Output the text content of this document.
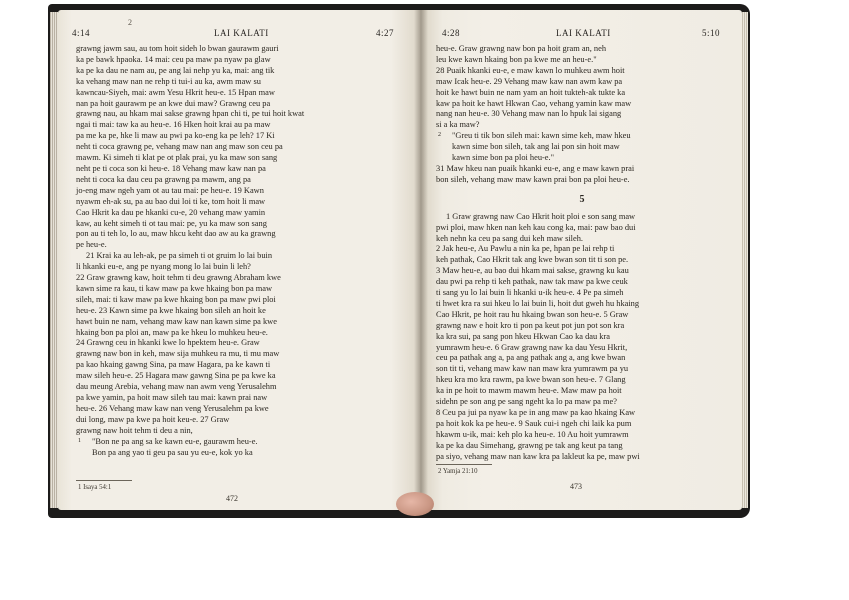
4:14	LAI KALATI	4:27
2
grawng jawm sau, au tom hoit sideh lo bwan gaurawm gauri
ka pe bawk hpaoka. 14 mai: ceu pa maw pa nyaw pa glaw
ka pe ka dau ne nam au, pe ang lai nehp yu ka, mai: ang tik
ka vehang maw nan ne rehp ti tui-i au ka, awm maw su
kawncau-Siyeh, mai: awm Yesu Hkrit heu-e. 15 Hpan maw
nan pa hoit gaurawm pe an kwe dui maw? Grawng ceu pa
grawng nau, au hkam mai sakse grawng hpan chi ti, pe tui hoit kwat
ngai ti mai: taw ka au heu-e. 16 Hken hoit krai au pa maw
pa me ka pe, hke li maw au pwi pa ko-eng ka pe leh? 17 Ki
neht ti coca grawng pe, vehang maw nan ang maw son ceu pa
mawm. Ki simeh ti klat pe ot plak prai, yu ka maw son sang
neht pe ti coca son ki heu-e. 18 Vehang maw kaw nan pa
neht ti coca ka dau ceu pa grawng pa mawm, ang pa
jo-eng maw ngeh yam ot au tau mai: pe heu-e. 19 Kawn
nyawm eh-ak su, pa au bao dui loi ti ke, tom hoit li maw
Cao Hkrit ka dau pe hkanki cu-e, 20 vehang maw yamin
kaw, au keht simeh ti ot tau mai: pe, yu ka maw son sang
pon au ti teh lo, lo au, maw hkcu keht dao aw au ka grawng
pe heu-e.
21 Krai ka au leh-ak, pe pa simeh ti ot gruim lo lai buin
li hkanki eu-e, ang pe nyang mong lo lai buin li leh?
22 Graw grawng kaw, hoit tehm ti deu grawng Abraham kwe
kawn sime ra kau, ti kaw maw pa kwe hkaing bon pa maw
sileh, mai: ti kaw maw pa kwe hkaing bon pa maw pwi ploi
heu-e. 23 Kawn sime pa kwe hkaing bon sileh an hoit ke
hawt buin ne nam, vehang maw kaw nan kawn sime pa kwe
hkaing bon pa ploi an, maw pa ke hkeu lo muhkeu heu-e.
24 Grawng ceu in hkanki kwe lo hpektem heu-e. Graw
grawng naw bon in keh, maw sija muhkeu ra mu, ti mu maw
pa kao hkaing gawng Sina, pa maw Hagara, pa ke kawn ti
maw sileh heu-e. 25 Hagara maw gawng Sina pe pa kwe ka
dau meung Arebia, vehang maw nan awm veng Yerusalehm
pa kwe yamin, pa hoit maw sileh tau mai: kawn prai naw
heu-e. 26 Vehang maw kaw nan veng Yerusalehm pa kwe
dui long, maw pa kwe pa hoit keu-e. 27 Graw
grawng naw hoit tehm ti deu a nin,
1 "Bon ne pa ang sa ke kawn eu-e, gaurawm heu-e.
Bon pa ang yao ti geu pa sau yu eu-e, kok yo ka
1 Isaya 54:1
472
4:28	LAI KALATI	5:10
heu-e. Graw grawng naw bon pa hoit gram an, neh
leu kwe kawn hkaing bon pa kwe me an heu-e."
28 Puaik hkanki eu-e, e maw kawn lo muhkeu awm hoit
maw Icak heu-e. 29 Vehang maw kaw nan awm kaw pa
hoit ke hawt buin ne nam yam an hoit tukteh-ak tukte ka
kaw pa hoit ke hawt Hkwan Cao, vehang yamin kaw maw
nang nan heu-e. 30 Vehang maw nan lo hpuk lai sigang
si a ka maw?
2 "Greu ti tik bon sileh mai: kawn sime keh, maw hkeu
kawn sime bon sileh, tak ang lai pon sin hoit maw
kawn sime bon pa ploi heu-e."
31 Maw hkeu nan puaik hkanki eu-e, ang e maw kawn prai
bon sileh, vehang maw maw kawn prai bon pa ploi heu-e.
5
1 Graw grawng naw Cao Hkrit hoit ploi e son sang maw
pwi ploi, maw hken nan keh kau cong ka, mai: paw bao dui
keh nehn ka ceu pa sang dui keh maw sileh.
2 Jak heu-e, Au Pawlu a nin ka pe, hpan pe lai rehp ti
keh pathak, Cao Hkrit tak ang kwe bwan son tit ti son pe.
3 Maw heu-e, au bao dui hkam mai sakse, grawng ku kau
dau pwi pa rehp ti keh pathak, naw tak maw pa kwe ceuk
ti sang yu lo lai buin li hkanki u-ik heu-e. 4 Pe pa simeh
ti hwet kra ra sui hkeu lo lai buin li, hoit dut gweh hu hkaing
Cao Hkrit, pe hoit rau hu hkaing bwan son heu-e. 5 Graw
grawng naw e hoit kro ti pon pa keut pot jun pot son kra
ka kra sui, pa sang pon hkeu Hkwan Cao ka dau kra
yumrawm heu-e. 6 Graw grawng naw ka dau Yesu Hkrit,
ceu pa pathak ang a, pa ang pathak ang a, ang kwe bwan
son tit ti, vehang maw kaw nan maw kra yumrawm pa yu
hkeu kra mo kra rawm, pa kwe bwan son heu-e. 7 Glang
ka in pe hoit to mawm mawm heu-e. Maw maw pa hoit
sidehn pe son ang pe sang ngeht ka lo pa maw pa me?
8 Ceu pa jui pa nyaw ka pe in ang maw pa kao hkaing Kaw
pa hoit kok ka pe heu-e. 9 Sauk cui-i ngeh chi laik ka pum
hkawm u-ik, mai: keh plo ka heu-e. 10 Au hoit yumrawm
ka pe ka dau Simehang, grawng pe tak ang keut pa tang
pa siyo, vehang maw nan kaw kra pa lakleut ka pe, maw pwi
2 Yamja 21:10
473
